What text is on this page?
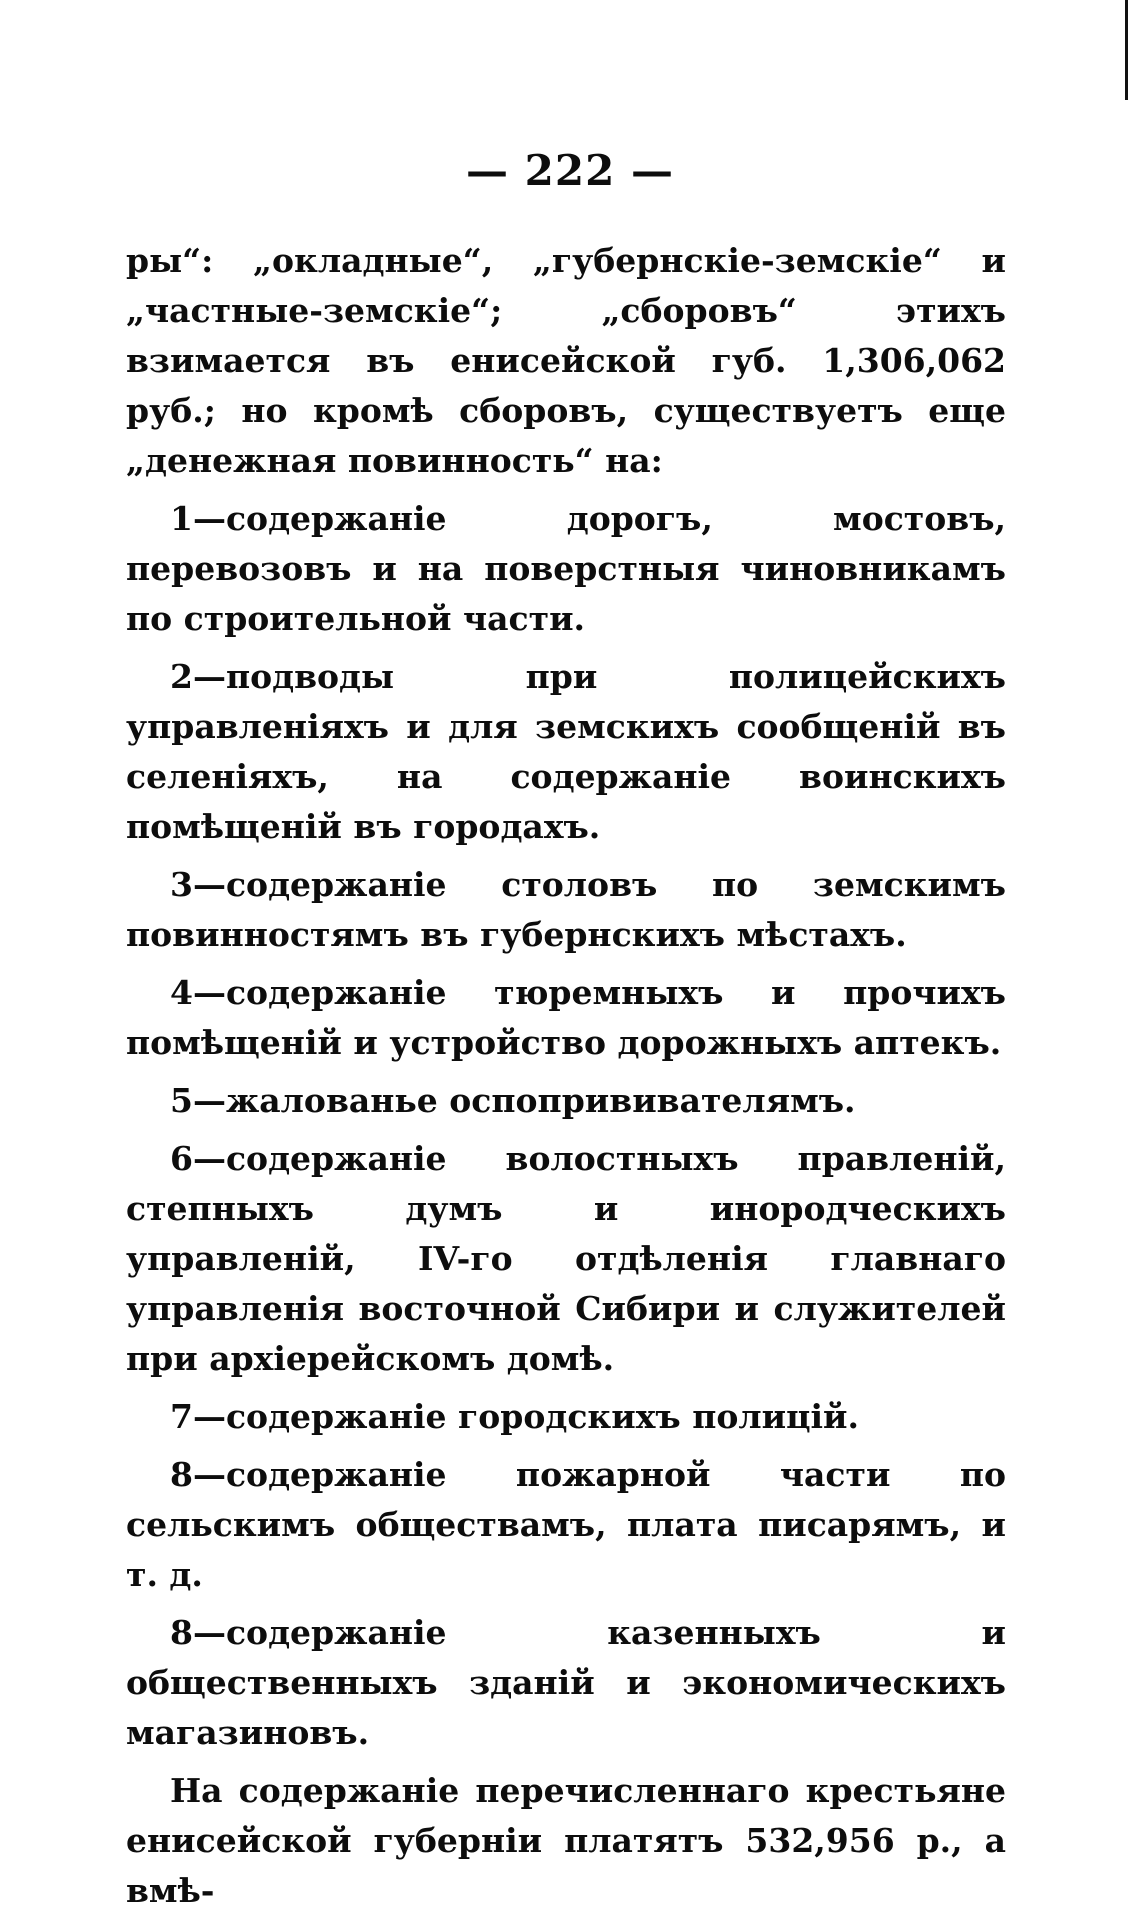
— 222 —

ры“: „окладные“, „губернскіе-земскіе“ и „частные-земскіе“; „сборовъ“ этихъ взимается въ енисейской губ. 1,306,062 руб.; но кромѣ сборовъ, существуетъ еще „денежная повинность“ на:

1—содержаніе дорогъ, мостовъ, перевозовъ и на поверстныя чиновникамъ по строительной части.

2—подводы при полицейскихъ управленіяхъ и для земскихъ сообщеній въ селеніяхъ, на содержаніе воинскихъ помѣщеній въ городахъ.

3—содержаніе столовъ по земскимъ повинностямъ въ губернскихъ мѣстахъ.

4—содержаніе тюремныхъ и прочихъ помѣщеній и устройство дорожныхъ аптекъ.

5—жалованье оспопрививателямъ.

6—содержаніе волостныхъ правленій, степныхъ думъ и инородческихъ управленій, IV-го отдѣленія главнаго управленія восточной Сибири и служителей при архіерейскомъ домѣ.

7—содержаніе городскихъ полицій.

8—содержаніе пожарной части по сельскимъ обществамъ, плата писарямъ, и т. д.

8—содержаніе казенныхъ и общественныхъ зданій и экономическихъ магазиновъ.

На содержаніе перечисленнаго крестьяне енисейской губерніи платятъ 532,956 р., а вмѣ-
